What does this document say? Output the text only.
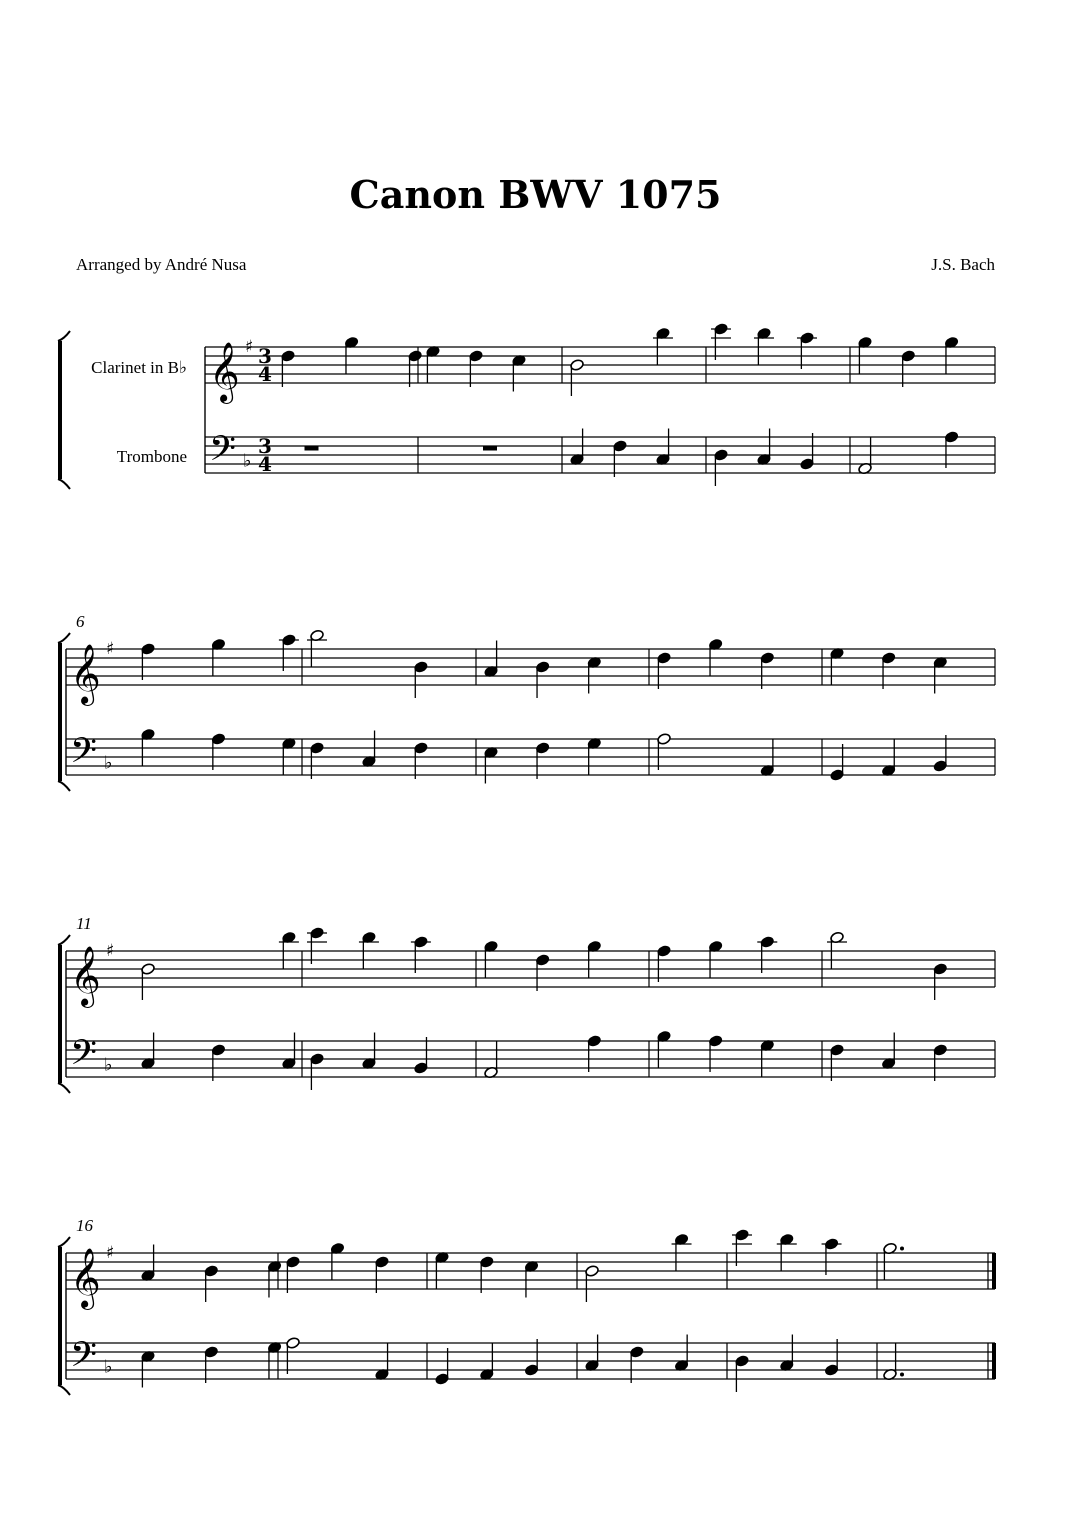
Canon BWV 1075
Arranged by André Nusa	J.S. Bach
𝄞
𝄢
♯
♭
3
4
3
4
𝄞
𝄢
♯
♭
6
𝄞
𝄢
♯
♭
11
𝄞
𝄢
♯
♭
16
Clarinet in B♭
Trombone
